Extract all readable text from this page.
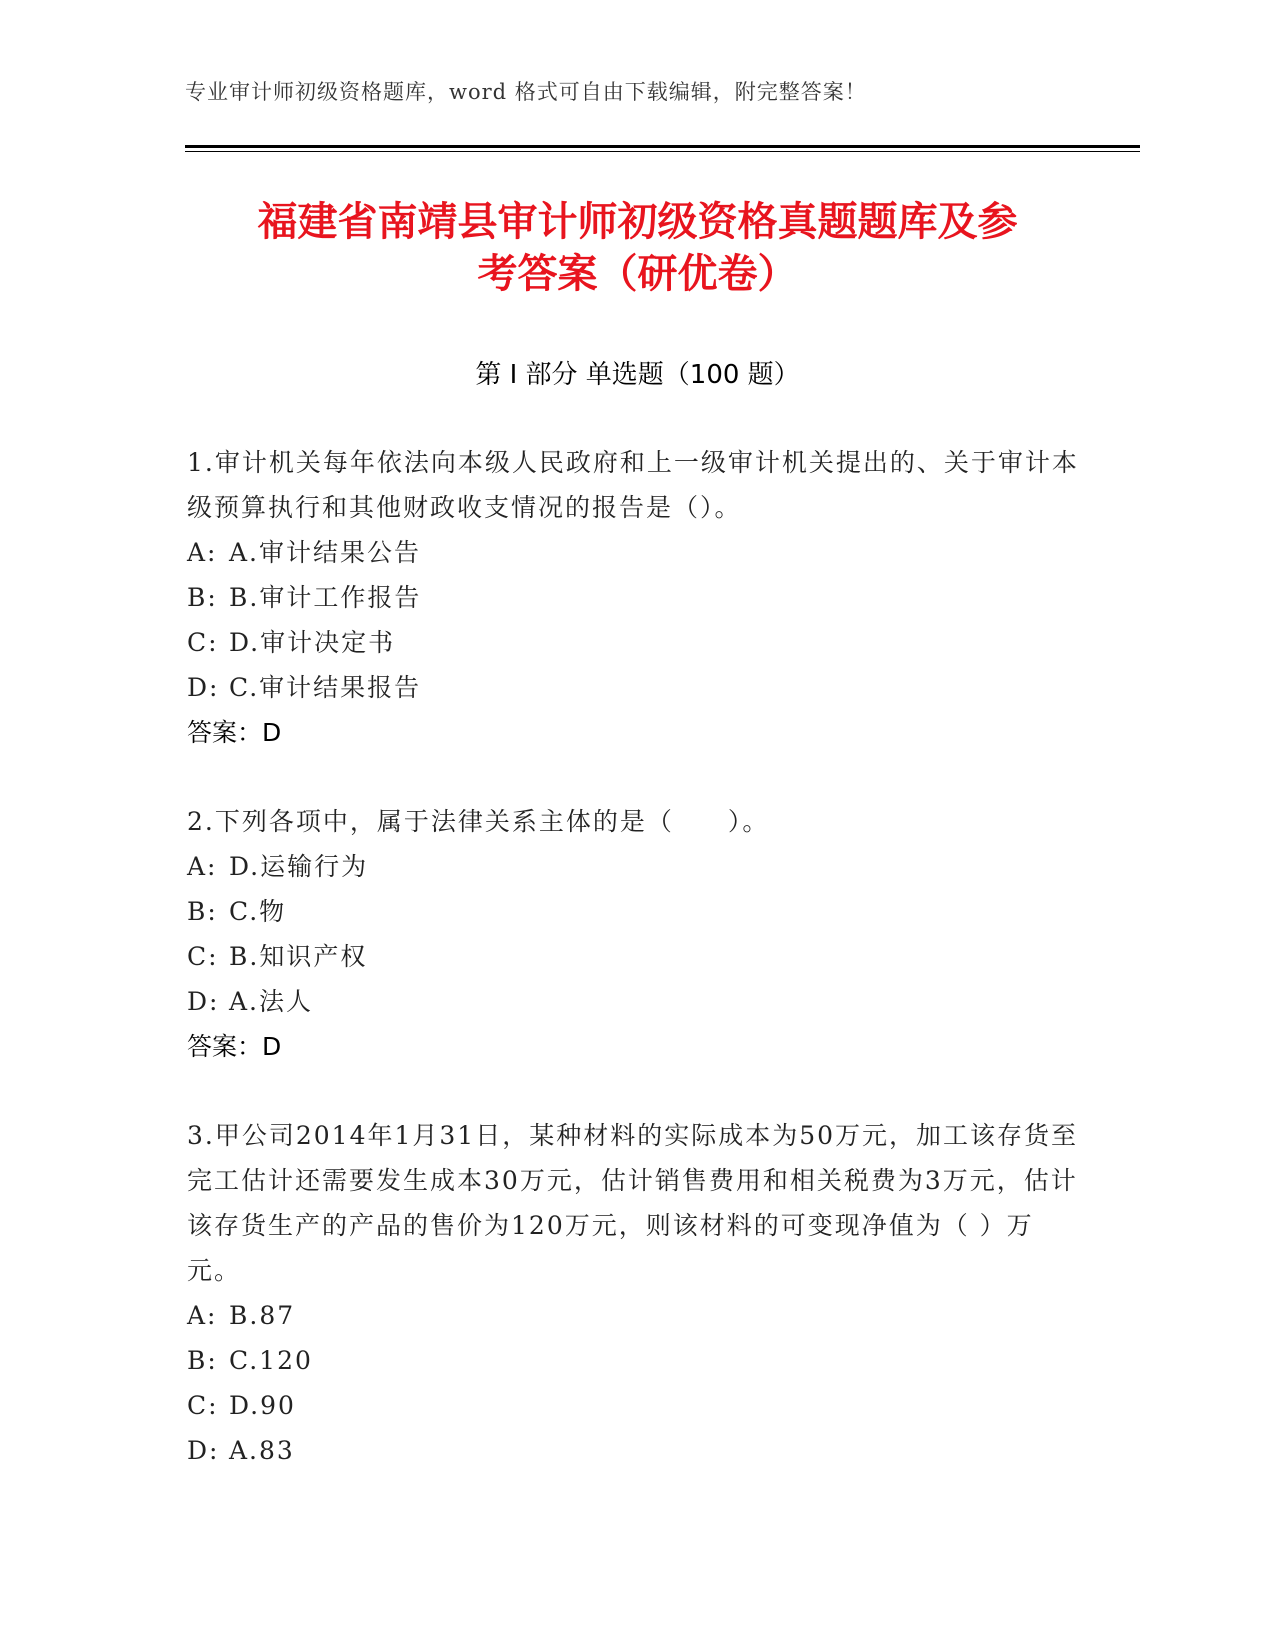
专业审计师初级资格题库，word 格式可自由下载编辑，附完整答案！
福建省南靖县审计师初级资格真题题库及参
考答案（研优卷）
第 I 部分 单选题（100 题）
1.审计机关每年依法向本级人民政府和上一级审计机关提出的、关于审计本级预算执行和其他财政收支情况的报告是（）。
A: A.审计结果公告
B: B.审计工作报告
C: D.审计决定书
D: C.审计结果报告
答案：D
2.下列各项中，属于法律关系主体的是（　　）。
A: D.运输行为
B: C.物
C: B.知识产权
D: A.法人
答案：D
3.甲公司2014年1月31日，某种材料的实际成本为50万元，加工该存货至完工估计还需要发生成本30万元，估计销售费用和相关税费为3万元，估计该存货生产的产品的售价为120万元，则该材料的可变现净值为（ ）万元。
A: B.87
B: C.120
C: D.90
D: A.83
